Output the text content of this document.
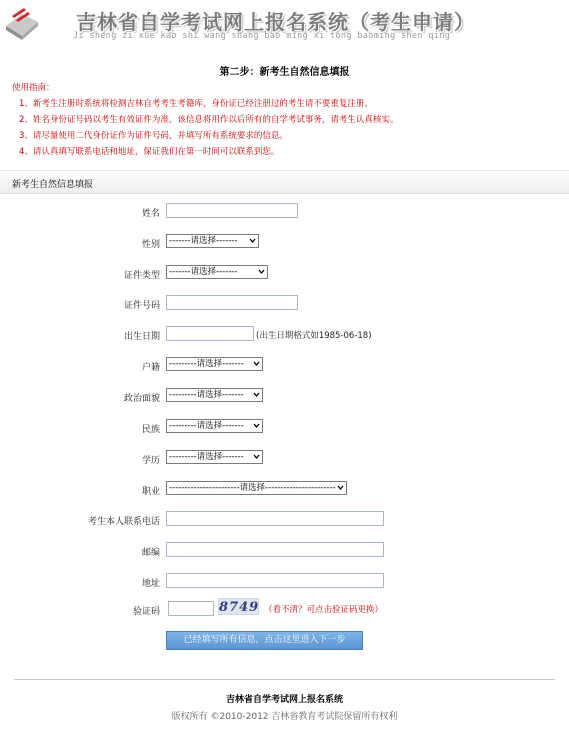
吉林省自学考试网上报名系统（考生申请）
Ji sheng zi xue kao shi wang shang bao ming xi tong baoming shen qing
第二步：新考生自然信息填报
使用指南：
1、新考生注册时系统将检测吉林自考考生考籍库，身份证已经注册过的考生请不要重复注册。
2、姓名身份证号码以考生有效证件为准，该信息将用作以后所有的自学考试事务，请考生认真核实。
3、请尽量使用二代身份证作为证件号码，并填写所有系统要求的信息。
4、请认真填写联系电话和地址，保证我们在第一时间可以联系到您。
新考生自然信息填报
姓名
性别	-------请选择-------
证件类型	-------请选择-------
证件号码
出生日期	(出生日期格式如1985-06-18)
户籍	---------请选择-------
政治面貌	---------请选择-------
民族	---------请选择-------
学历	---------请选择-------
职业	-----------------------请选择-----------------------
考生本人联系电话
邮编
地址
验证码	8749 （看不清？可点击验证码更换）
已经填写所有信息，点击这里进入下一步
吉林省自学考试网上报名系统
版权所有 ©2010-2012 吉林省教育考试院保留所有权利
